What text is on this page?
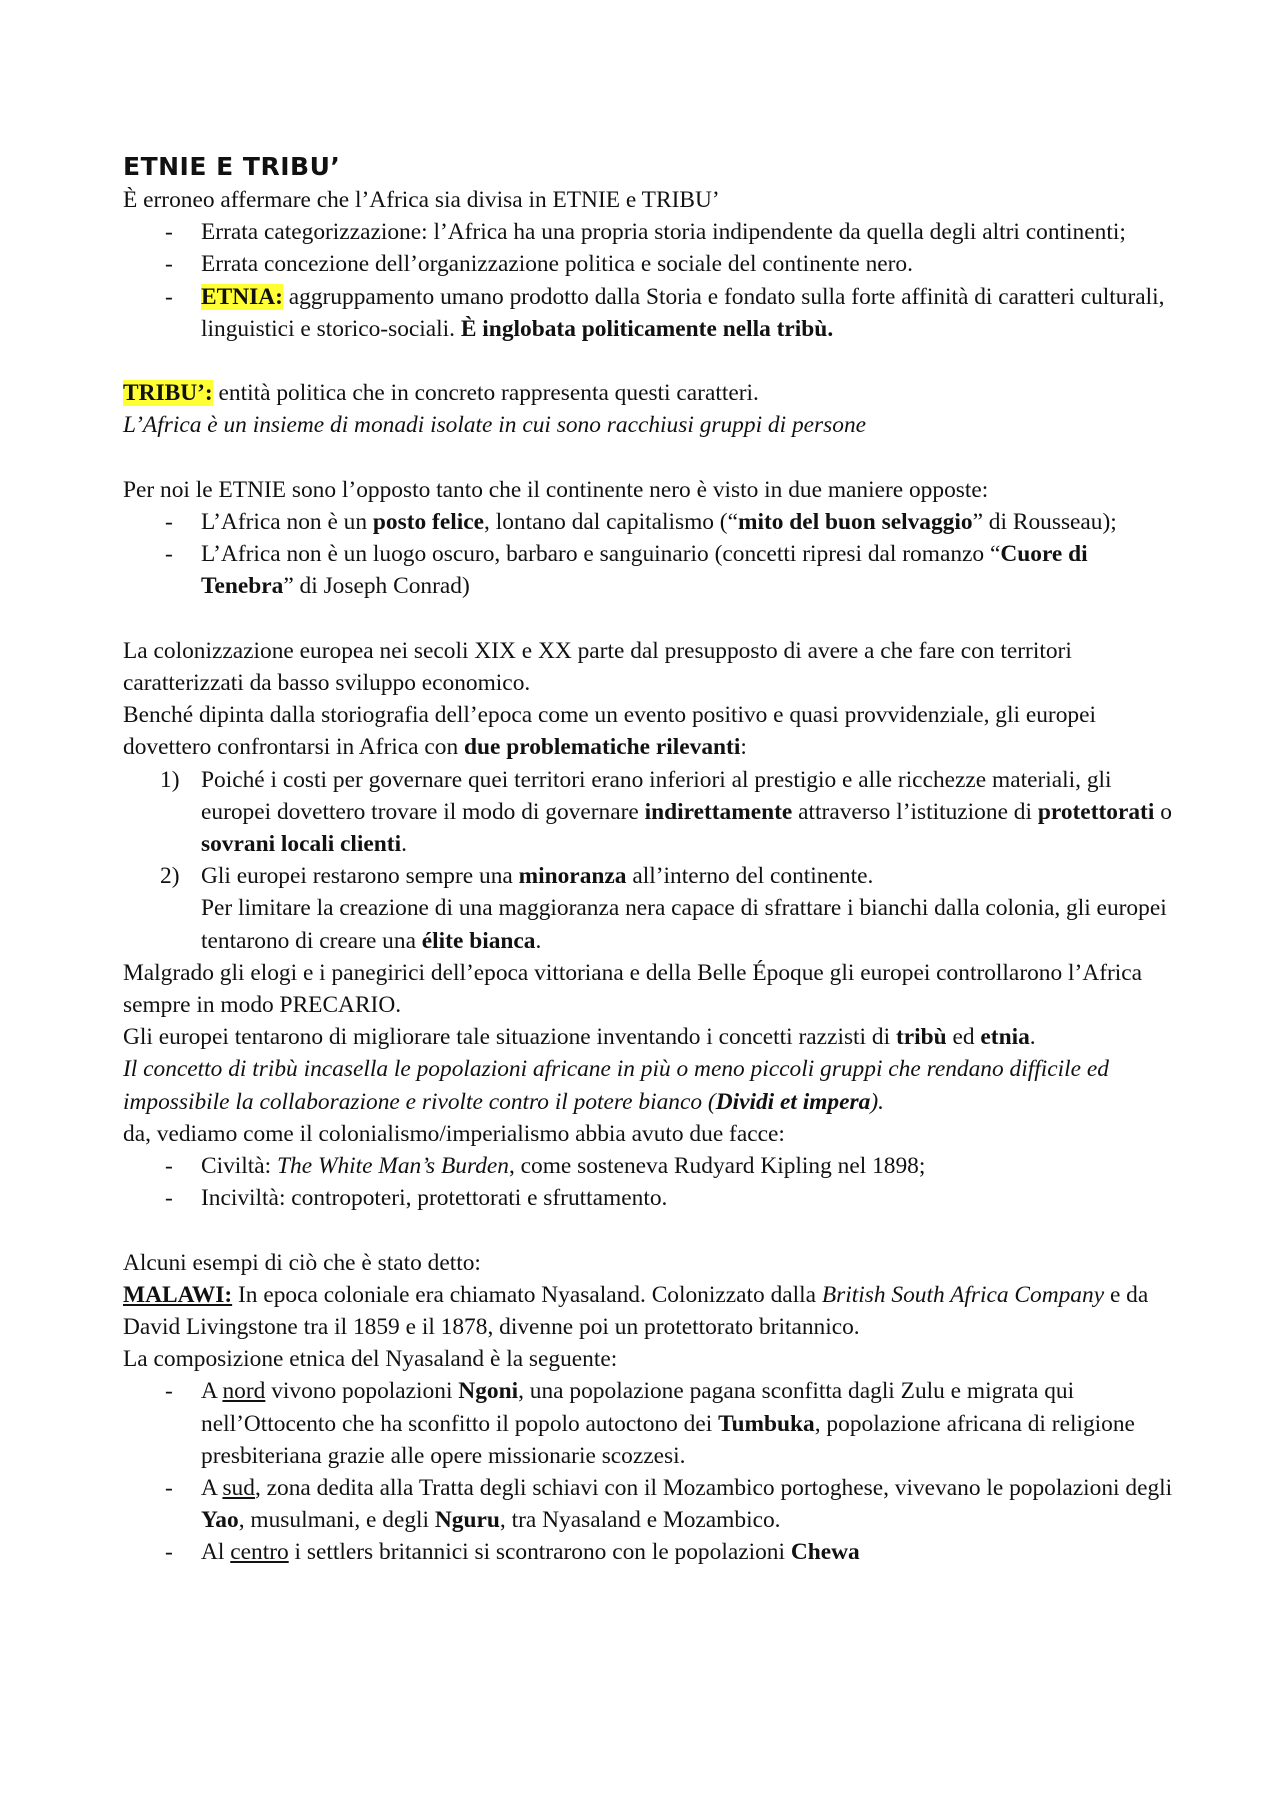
ETNIE E TRIBU’

È erroneo affermare che l’Africa sia divisa in ETNIE e TRIBU’

- Errata categorizzazione: l’Africa ha una propria storia indipendente da quella degli altri continenti;
- Errata concezione dell’organizzazione politica e sociale del continente nero.
- ETNIA: aggruppamento umano prodotto dalla Storia e fondato sulla forte affinità di caratteri culturali, linguistici e storico-sociali. È inglobata politicamente nella tribù.

TRIBU’: entità politica che in concreto rappresenta questi caratteri.

L’Africa è un insieme di monadi isolate in cui sono racchiusi gruppi di persone

Per noi le ETNIE sono l’opposto tanto che il continente nero è visto in due maniere opposte:

- L’Africa non è un posto felice, lontano dal capitalismo (“mito del buon selvaggio” di Rousseau);
- L’Africa non è un luogo oscuro, barbaro e sanguinario (concetti ripresi dal romanzo “Cuore di Tenebra” di Joseph Conrad)

La colonizzazione europea nei secoli XIX e XX parte dal presupposto di avere a che fare con territori caratterizzati da basso sviluppo economico.

Benché dipinta dalla storiografia dell’epoca come un evento positivo e quasi provvidenziale, gli europei dovettero confrontarsi in Africa con due problematiche rilevanti:

1) Poiché i costi per governare quei territori erano inferiori al prestigio e alle ricchezze materiali, gli europei dovettero trovare il modo di governare indirettamente attraverso l’istituzione di protettorati o sovrani locali clienti.
2) Gli europei restarono sempre una minoranza all’interno del continente.
Per limitare la creazione di una maggioranza nera capace di sfrattare i bianchi dalla colonia, gli europei tentarono di creare una élite bianca.

Malgrado gli elogi e i panegirici dell’epoca vittoriana e della Belle Époque gli europei controllarono l’Africa sempre in modo PRECARIO.

Gli europei tentarono di migliorare tale situazione inventando i concetti razzisti di tribù ed etnia.

Il concetto di tribù incasella le popolazioni africane in più o meno piccoli gruppi che rendano difficile ed impossibile la collaborazione e rivolte contro il potere bianco (Dividi et impera).

da, vediamo come il colonialismo/imperialismo abbia avuto due facce:

- Civiltà: The White Man’s Burden, come sosteneva Rudyard Kipling nel 1898;
- Inciviltà: contropoteri, protettorati e sfruttamento.

Alcuni esempi di ciò che è stato detto:

MALAWI: In epoca coloniale era chiamato Nyasaland. Colonizzato dalla British South Africa Company e da David Livingstone tra il 1859 e il 1878, divenne poi un protettorato britannico.

La composizione etnica del Nyasaland è la seguente:

- A nord vivono popolazioni Ngoni, una popolazione pagana sconfitta dagli Zulu e migrata qui nell’Ottocento che ha sconfitto il popolo autoctono dei Tumbuka, popolazione africana di religione presbiteriana grazie alle opere missionarie scozzesi.
- A sud, zona dedita alla Tratta degli schiavi con il Mozambico portoghese, vivevano le popolazioni degli Yao, musulmani, e degli Nguru, tra Nyasaland e Mozambico.
- Al centro i settlers britannici si scontrarono con le popolazioni Chewa
